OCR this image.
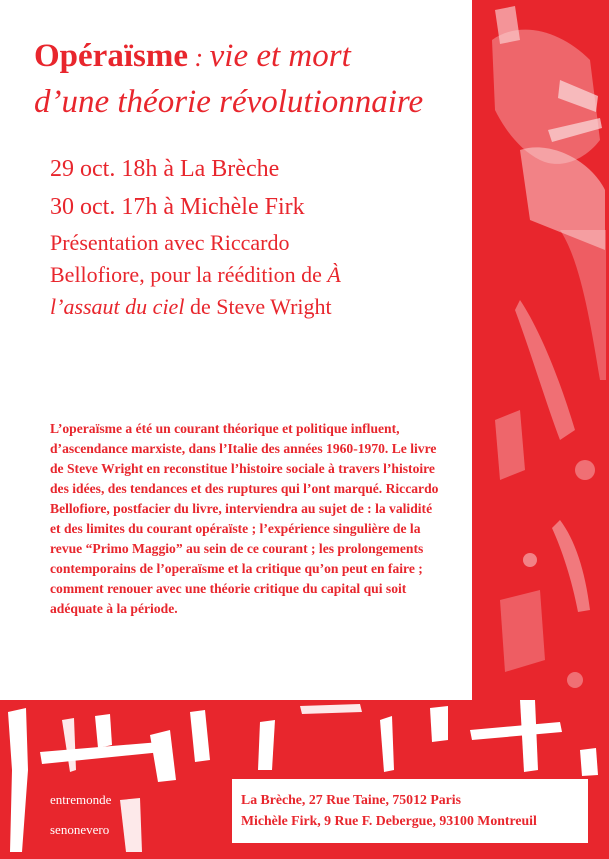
Opéraïsme : vie et mort
d’une théorie révolutionnaire
29 oct. 18h à La Brèche
30 oct. 17h à Michèle Firk
Présentation avec Riccardo Bellofiore, pour la réédition de À l’assaut du ciel de Steve Wright

L’operaïsme a été un courant théorique et politique influent, d’ascendance marxiste, dans l’Italie des années 1960-1970. Le livre de Steve Wright en reconstitue l’histoire sociale à travers l’histoire des idées, des tendances et des ruptures qui l’ont marqué. Riccardo Bellofiore, postfacier du livre, interviendra au sujet de : la validité et des limites du courant opéraïste ; l’expérience singulière de la revue “Primo Maggio” au sein de ce courant ; les prolongements contemporains de l’operaïsme et la critique qu’on peut en faire ; comment renouer avec une théorie critique du capital qui soit adéquate à la période.

entremonde
senonevero
La Brèche, 27 Rue Taine, 75012 Paris
Michèle Firk, 9 Rue F. Debergue, 93100 Montreuil
